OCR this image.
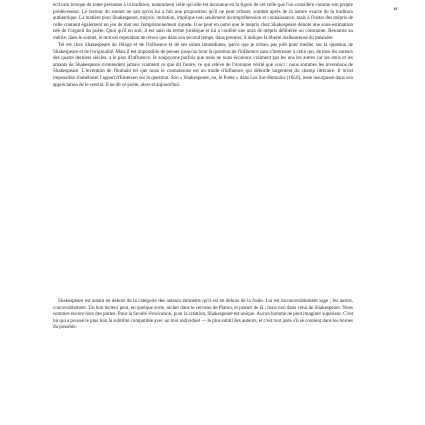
écrivain lorsque de toute personne à la tradition, notamment celle qui elle est inconnue en la figure de cet celle que l'on considère comme son propre prédécesseur. Le lecteur du sonnet ne sait qu'on lui a fait une proposition qu'il ne peut refuser, sombre après de la nature exacte de la tradition authentique. La matière pour Shakespeare, mépris, imitation, implique non seulement incompréhension et connaissance, mais à l'instar des mépris de celle contient également un jeu de mot sur l'emprisonnement injuste. Il se peut en outre que le mépris chez Shakespeare dénote une sous-estimation née de l'orgueil du poète. Quoi qu'il en soit, il est saisi du terme juridique et lui a conféré une aura de mépris délibérée ou contrainte. Retourne au mérite, dans le sonnet, le mot est cependant de retour que dans son second temps, dans premier, il indique la liberté malheureuse du méandre.

Tel est chez Shakespeare de l'éloge et de l'influence et de ses suites immédiates, parce que je n'étais pas prêt pour médier sur la question de Shakespeare et de l'originalité. Mais il est impossible de penser jusqu'au bout la question de l'influence sans s'intéresser à celui qui, de tous les auteurs des quatre derniers siècles, a le plus d'influence. Je soupçonne parfois que nous ne nous écoutons vraiment pas les uns les autres car les amis et les amants de Shakespeare n'entendent jamais vraiment ce que dit l'autre, ce qui relève de l'ironique vérité que voici : nous sommes les inventions de Shakespeare. L'invention de l'humain tel que nous le connaissons est un mode d'influence qui déborde largement du champ littéraire. Il m'est impossible d'améliorer l'apport d'Emerson sur la question. Son « Shakespeare, ou, le Poète » dans Les Sur-Humains (1850), reste insurpassé dans son appréciation de le central. Il ne dit ce poète, alors et aujourd'hui.

Shakespeare est autant en dehors de la catégorie des auteurs éminents qu'il est en dehors de la foule. Lui est inconcevablement sage ; les autres, concevablement. Un bon lecteur peut, en quelque sorte, nicher dans le cerveau de Platon, et penser de là ; mais non dans celui de Shakespeare. Nous sommes encore hors des portes. Pour la faculté d'exécution, pour la création, Shakespeare est unique. Aucun homme ne peut imaginer supérieur. C'est lui qui a poussé le plus loin la subtilité compatible avec un moi individuel — le plus subtil des auteurs, et c'est tout juste s'il se contient dans les bornes du possible.

”
